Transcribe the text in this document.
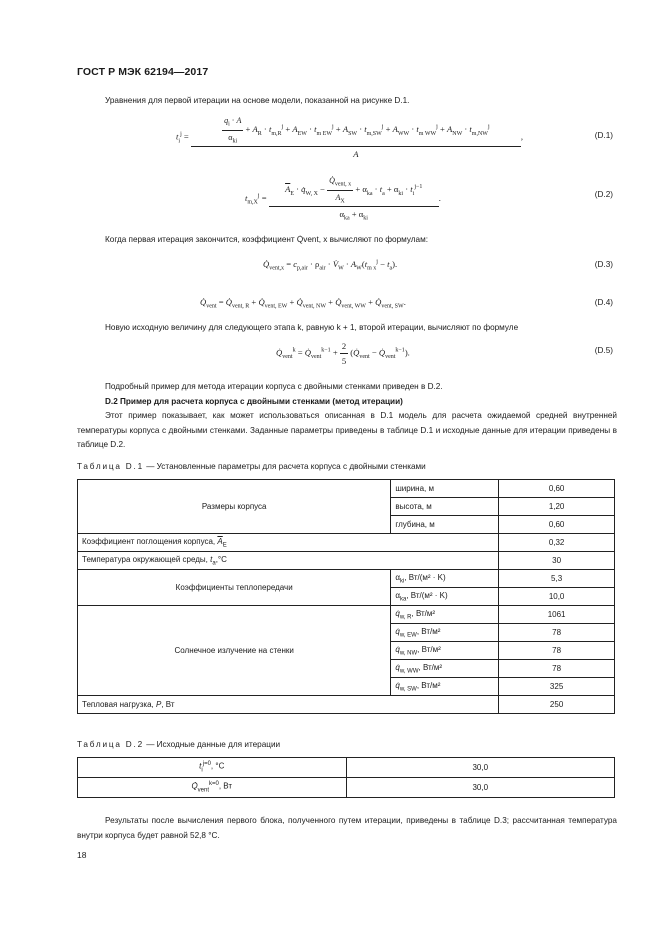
ГОСТ Р МЭК 62194—2017
Уравнения для первой итерации на основе модели, показанной на рисунке D.1.
$t_i^j$ =	$\frac{q_i \cdot A}{\alpha_{ki}} + A_R \cdot t_{m,R}^j + A_{EW} \cdot t_{m EW}^j + A_{SW} \cdot t_{m,SW}^j + A_{WW} \cdot t_{m WW}^j + A_{NW} \cdot t_{m,NW}^j$
A
,	(D.1)
$t_{m,X}^j$ =
$\overline{A}_E$ · $q̇_{W, X} - \frac{Q̇_{vent, x}}{A_X} + \alpha_{ka} \cdot t_a + \alpha_{ki} \cdot t_i^{j-1}$
$\alpha_{ka} + \alpha_{ki}$
.	(D.2)
Когда первая итерация закончится, коэффициент Q̇vent, x вычисляют по формулам:
$Q̇_{vent,x} = c_{p,air} \cdot \rho_{air}$ · $V̇_W \cdot A_W(t_{m x}^j - t_a)$.	(D.3)
$Q̇_{vent}$ = $Q̇_{vent, R}$ + $Q̇_{vent, EW}$ + $Q̇_{vent, NW}$ + $Q̇_{vent, WW}$ + $Q̇_{vent, SW}$.	(D.4)
Новую исходную величину для следующего этапа k, равную k + 1, второй итерации, вычисляют по формуле
$Q̇_{vent}^k$ = $Q̇_{vent}^{k-1} + \frac{2}{5}$ ($Q̇_{vent}$ − $Q̇_{vent}^{k-1}$).	(D.5)
Подробный пример для метода итерации корпуса с двойными стенками приведен в D.2.
D.2 Пример для расчета корпуса с двойными стенками (метод итерации)
Этот пример показывает, как может использоваться описанная в D.1 модель для расчета ожидаемой средней внутренней температуры корпуса с двойными стенками. Заданные параметры приведены в таблице D.1 и исходные данные для итерации приведены в таблице D.2.
Таблица D.1 — Установленные параметры для расчета корпуса с двойными стенками
Размеры корпуса	ширина, м	0,60
	высота, м	1,20
	глубина, м	0,60
Коэффициент поглощения корпуса, $\overline{A}_E$		0,32
Температура окружающей среды, $t_a,^\circ C$		30
Коэффициенты теплопередачи	$\alpha_{ki}$, Вт/(м² · K)	5,3
	$\alpha_{ka}$, Вт/(м² · K)	10,0
Солнечное излучение на стенки	$q̇_{w, R}$, Вт/м²	1061
	$q̇_{w, EW}$, Вт/м²	78
	$q̇_{w, NW}$, Вт/м²	78
	$q̇_{w, WW}$, Вт/м²	78
	$q̇_{w, SW}$, Вт/м²	325
Тепловая нагрузка, P, Вт		250
Таблица D.2 — Исходные данные для итерации
$t_i^{j=0}$, °C	30,0
$Q̇_{vent}^{k=0}$, Вт	30,0
Результаты после вычисления первого блока, полученного путем итерации, приведены в таблице D.3; рассчитанная температура внутри корпуса будет равной 52,8 °C.
18
